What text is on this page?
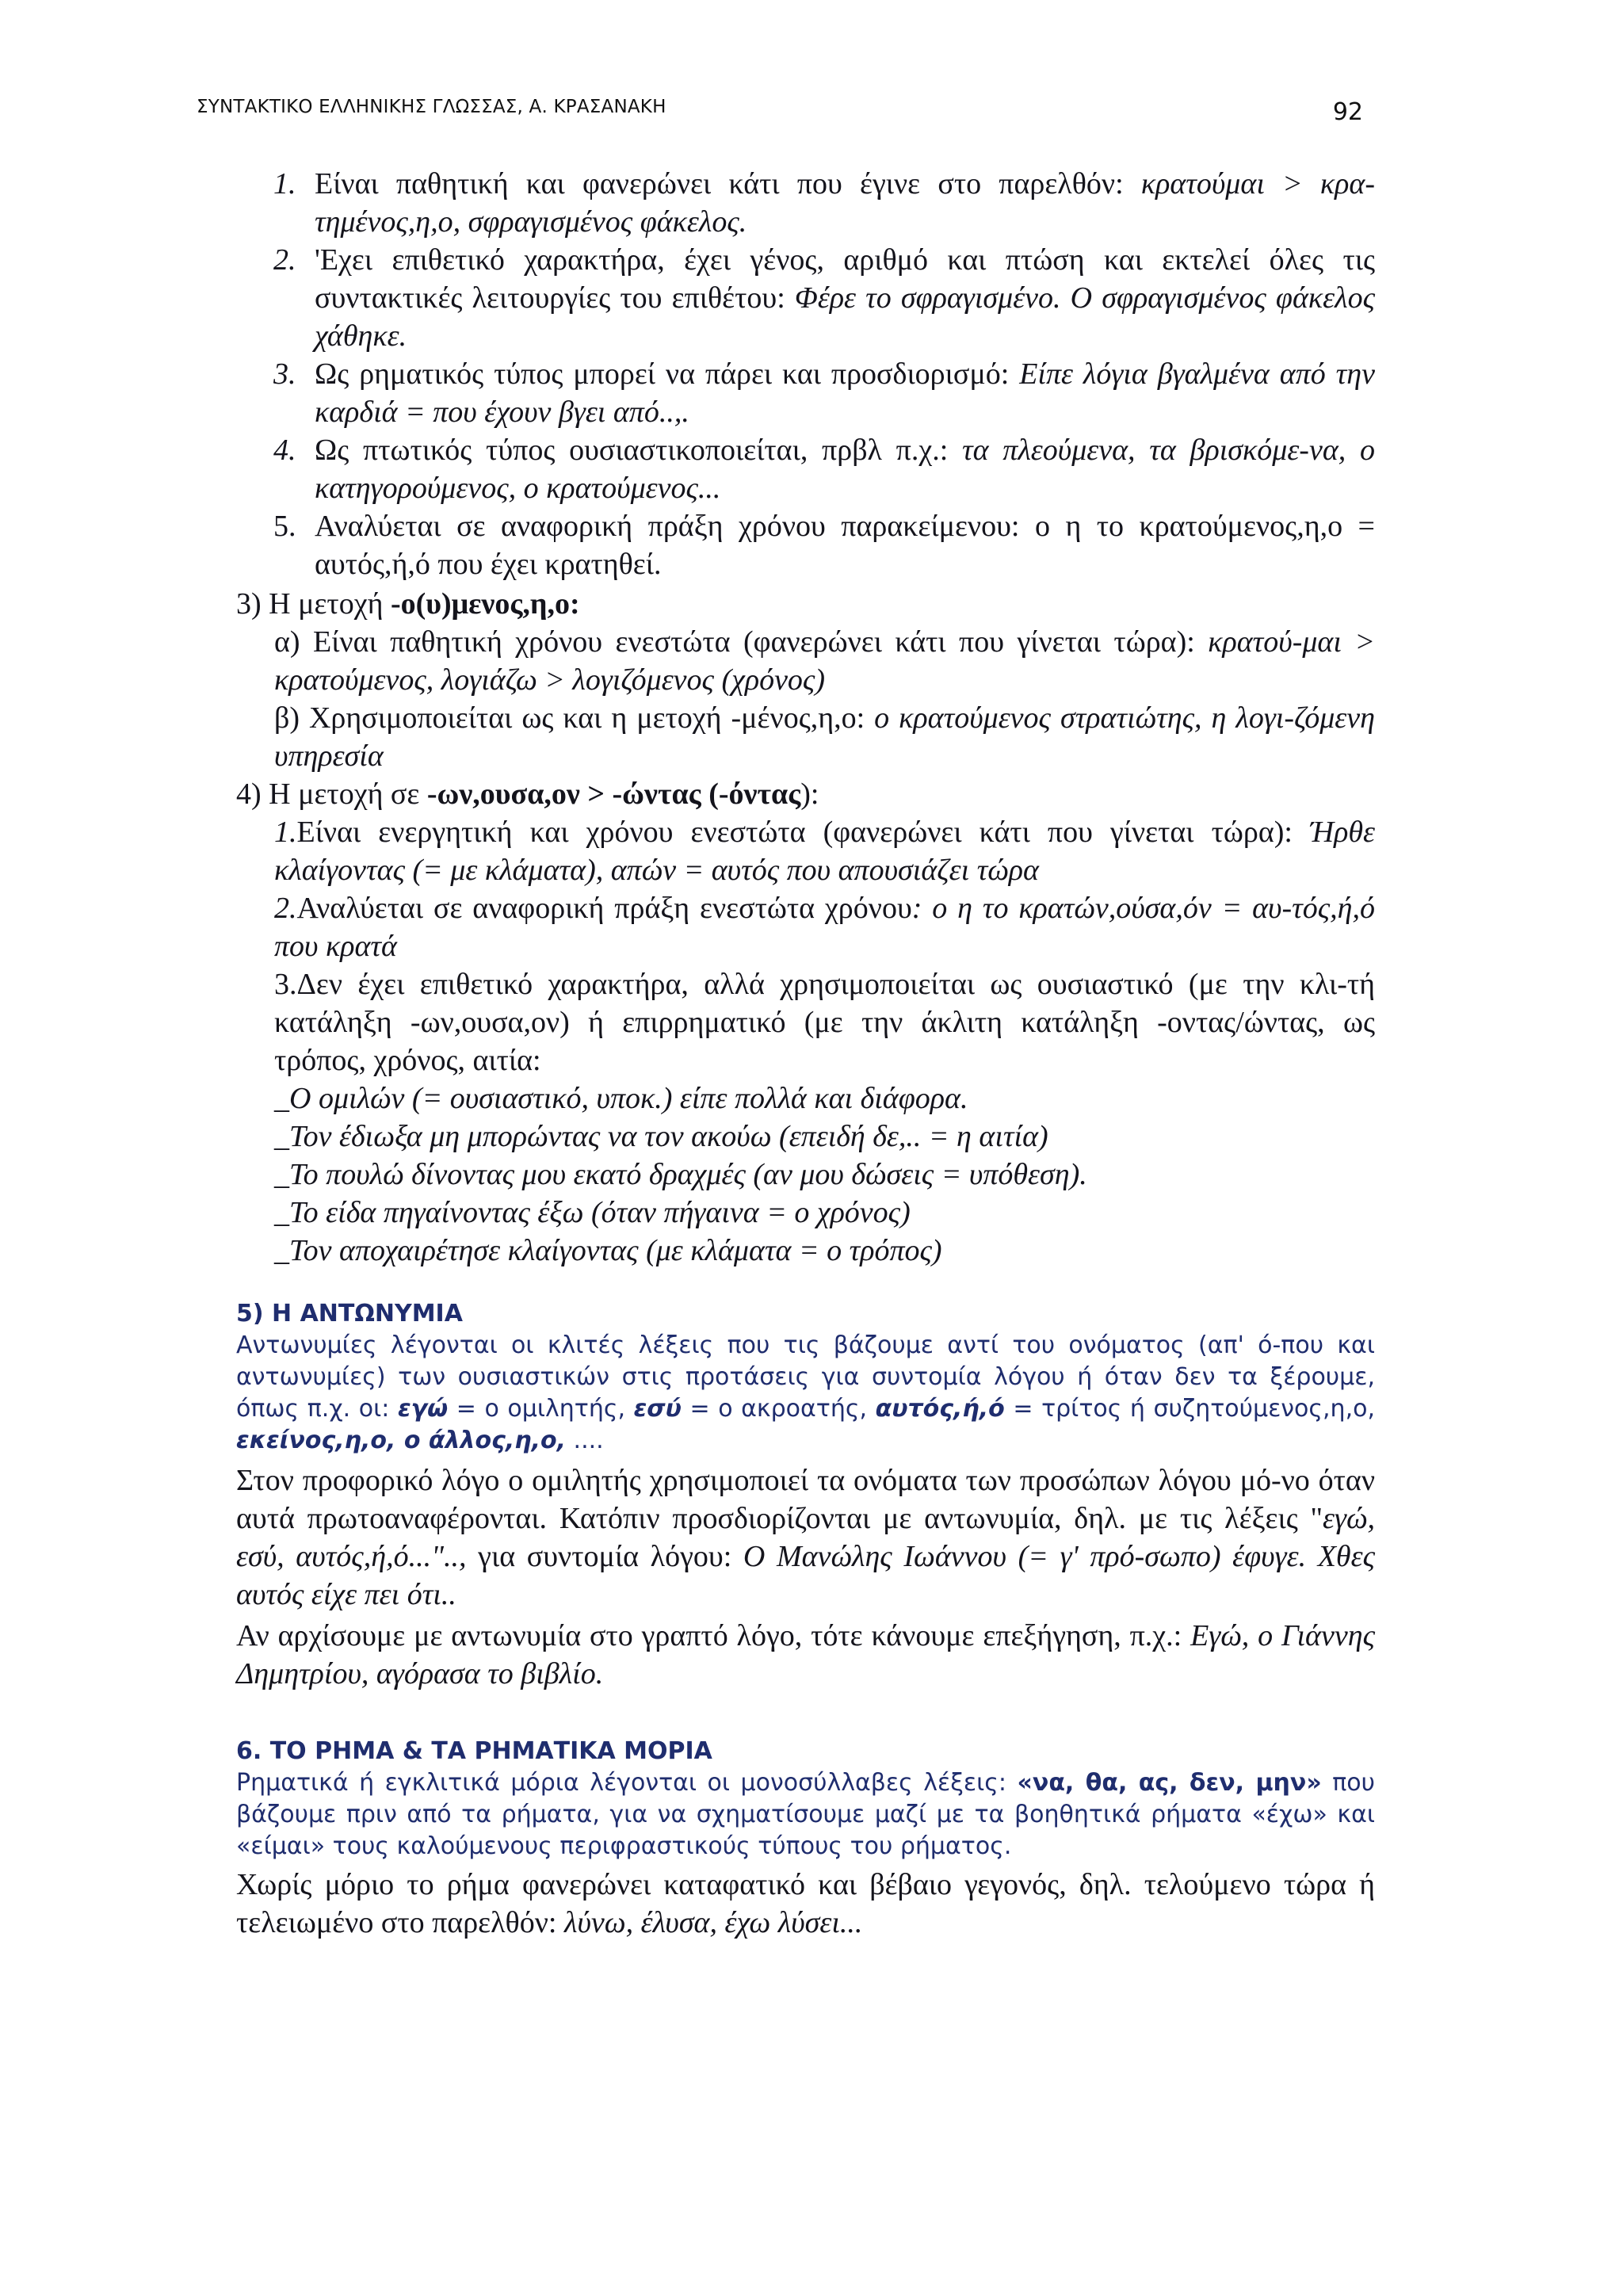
ΣΥΝΤΑΚΤΙΚΟ ΕΛΛΗΝΙΚΗΣ ΓΛΩΣΣΑΣ, Α. ΚΡΑΣΑΝΑΚΗ	92

1. Είναι παθητική και φανερώνει κάτι που έγινε στο παρελθόν: κρατούμαι > κρα-τημένος,η,ο, σφραγισμένος φάκελος.

2. 'Εχει επιθετικό χαρακτήρα, έχει γένος, αριθμό και πτώση και εκτελεί όλες τις συντακτικές λειτουργίες του επιθέτου: Φέρε το σφραγισμένο. Ο σφραγισμένος φάκελος χάθηκε.

3. Ως ρηματικός τύπος μπορεί να πάρει και προσδιορισμό: Είπε λόγια βγαλμένα από την καρδιά = που έχουν βγει από..,.

4. Ως πτωτικός τύπος ουσιαστικοποιείται, πρβλ π.χ.: τα πλεούμενα, τα βρισκόμε-να, ο κατηγορούμενος, ο κρατούμενος...

5. Αναλύεται σε αναφορική πράξη χρόνου παρακείμενου: ο η το κρατούμενος,η,ο = αυτός,ή,ό που έχει κρατηθεί.

3) Η μετοχή -ο(υ)μενος,η,ο:

α) Είναι παθητική χρόνου ενεστώτα (φανερώνει κάτι που γίνεται τώρα): κρατού-μαι > κρατούμενος, λογιάζω > λογιζόμενος (χρόνος)

β) Χρησιμοποιείται ως και η μετοχή -μένος,η,ο: ο κρατούμενος στρατιώτης, η λογι-ζόμενη υπηρεσία

4) Η μετοχή σε -ων,ουσα,ον > -ώντας (-όντας):

1.Είναι ενεργητική και χρόνου ενεστώτα (φανερώνει κάτι που γίνεται τώρα): Ήρθε κλαίγοντας (= με κλάματα), απών = αυτός που απουσιάζει τώρα

2.Αναλύεται σε αναφορική πράξη ενεστώτα χρόνου: ο η το κρατών,ούσα,όν = αυ-τός,ή,ό που κρατά

3.Δεν έχει επιθετικό χαρακτήρα, αλλά χρησιμοποιείται ως ουσιαστικό (με την κλι-τή κατάληξη -ων,ουσα,ον) ή επιρρηματικό (με την άκλιτη κατάληξη -οντας/ώντας, ως τρόπος, χρόνος, αιτία:

_Ο ομιλών (= ουσιαστικό, υποκ.) είπε πολλά και διάφορα.

_Τον έδιωξα μη μπορώντας να τον ακούω (επειδή δε,.. = η αιτία)

_Το πουλώ δίνοντας μου εκατό δραχμές (αν μου δώσεις = υπόθεση).

_Το είδα πηγαίνοντας έξω (όταν πήγαινα = ο χρόνος)

_Τον αποχαιρέτησε κλαίγοντας (με κλάματα = ο τρόπος)

5) Η ΑΝΤΩΝΥΜΙΑ

Αντωνυμίες λέγονται οι κλιτές λέξεις που τις βάζουμε αντί του ονόματος (απ' ό-που και αντωνυμίες) των ουσιαστικών στις προτάσεις για συντομία λόγου ή όταν δεν τα ξέρουμε, όπως π.χ. οι: εγώ = ο ομιλητής, εσύ = ο ακροατής, αυτός,ή,ό = τρίτος ή συζητούμενος,η,ο, εκείνος,η,ο, ο άλλος,η,ο, ....

Στον προφορικό λόγο ο ομιλητής χρησιμοποιεί τα ονόματα των προσώπων λόγου μό-νο όταν αυτά πρωτοαναφέρονται. Κατόπιν προσδιορίζονται με αντωνυμία, δηλ. με τις λέξεις "εγώ, εσύ, αυτός,ή,ό...".., για συντομία λόγου: Ο Μανώλης Ιωάννου (= γ' πρό-σωπο) έφυγε. Χθες αυτός είχε πει ότι..

Αν αρχίσουμε με αντωνυμία στο γραπτό λόγο, τότε κάνουμε επεξήγηση, π.χ.: Εγώ, ο Γιάννης Δημητρίου, αγόρασα το βιβλίο.

6. ΤΟ ΡΗΜΑ & ΤΑ ΡΗΜΑΤΙΚΑ ΜΟΡΙΑ

Ρηματικά ή εγκλιτικά μόρια λέγονται οι μονοσύλλαβες λέξεις: «να, θα, ας, δεν, μην» που βάζουμε πριν από τα ρήματα, για να σχηματίσουμε μαζί με τα βοηθητικά ρήματα «έχω» και «είμαι» τους καλούμενους περιφραστικούς τύπους του ρήματος.

Χωρίς μόριο το ρήμα φανερώνει καταφατικό και βέβαιο γεγονός, δηλ. τελούμενο τώρα ή τελειωμένο στο παρελθόν: λύνω, έλυσα, έχω λύσει...
